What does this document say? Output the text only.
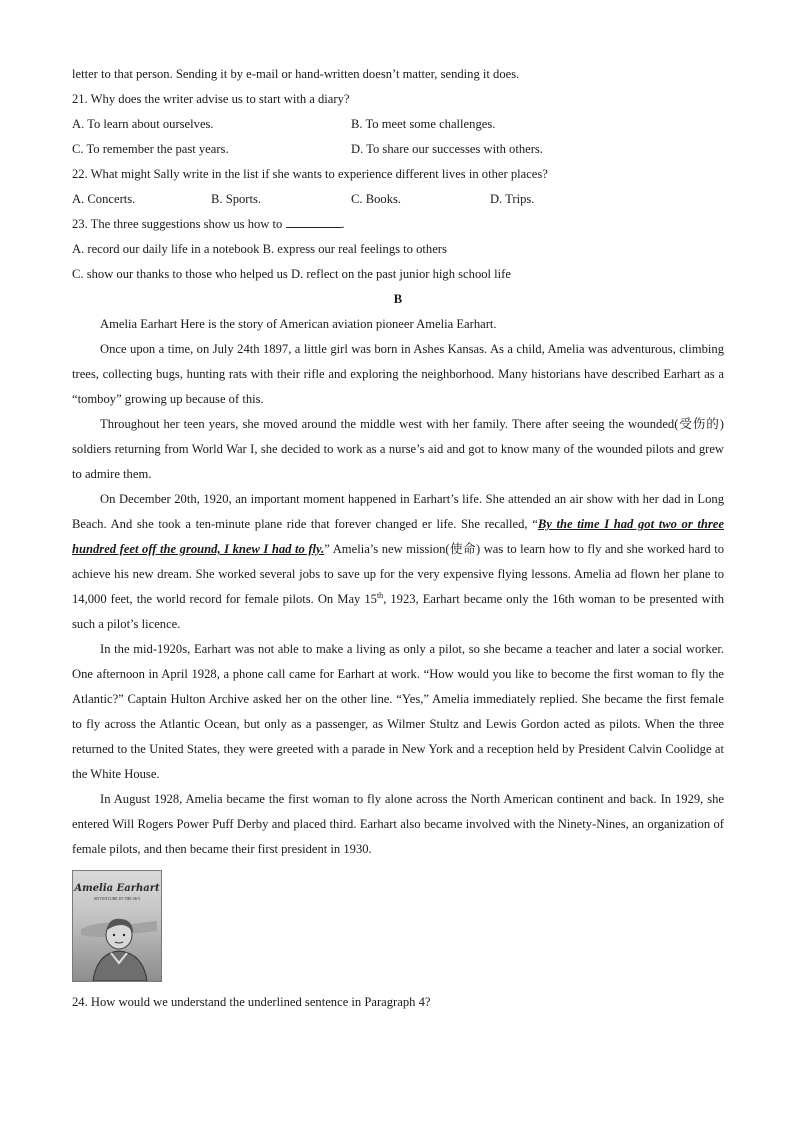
letter to that person. Sending it by e-mail or hand-written doesn’t matter, sending it does.
21. Why does the writer advise us to start with a diary?
A. To learn about ourselves.	B. To meet some challenges.
C. To remember the past years.	D. To share our successes with others.
22. What might Sally write in the list if she wants to experience different lives in other places?
A. Concerts.	B. Sports.	C. Books.	D. Trips.
23. The three suggestions show us how to	.
A. record our daily life in a notebook B. express our real feelings to others
C. show our thanks to those who helped us D. reflect on the past junior high school life
B

Amelia Earhart Here is the story of American aviation pioneer Amelia Earhart.

Once upon a time, on July 24th 1897, a little girl was born in Ashes Kansas. As a child, Amelia was adventurous, climbing trees, collecting bugs, hunting rats with their rifle and exploring the neighborhood. Many historians have described Earhart as a “tomboy” growing up because of this.

Throughout her teen years, she moved around the middle west with her family. There after seeing the wounded(受伤的) soldiers returning from World War I, she decided to work as a nurse’s aid and got to know many of the wounded pilots and grew to admire them.

On December 20th, 1920, an important moment happened in Earhart’s life. She attended an air show with her dad in Long Beach. And she took a ten-minute plane ride that forever changed er life. She recalled, “By the time I had got two or three hundred feet off the ground, I knew I had to fly.” Amelia’s new mission(使命) was to learn how to fly and she worked hard to achieve his new dream. She worked several jobs to save up for the very expensive flying lessons. Amelia ad flown her plane to 14,000 feet, the world record for female pilots. On May 15th, 1923, Earhart became only the 16th woman to be presented with such a pilot’s licence.

In the mid-1920s, Earhart was not able to make a living as only a pilot, so she became a teacher and later a social worker. One afternoon in April 1928, a phone call came for Earhart at work. “How would you like to become the first woman to fly the Atlantic?” Captain Hulton Archive asked her on the other line. “Yes,” Amelia immediately replied. She became the first female to fly across the Atlantic Ocean, but only as a passenger, as Wilmer Stultz and Lewis Gordon acted as pilots. When the three returned to the United States, they were greeted with a parade in New York and a reception held by President Calvin Coolidge at the White House.

In August 1928, Amelia became the first woman to fly alone across the North American continent and back. In 1929, she entered Will Rogers Power Puff Derby and placed third. Earhart also became involved with the Ninety-Nines, an organization of female pilots, and then became their first president in 1930.

Amelia Earhart
ADVENTURE IN THE SKY
24. How would we understand the underlined sentence in Paragraph 4?
